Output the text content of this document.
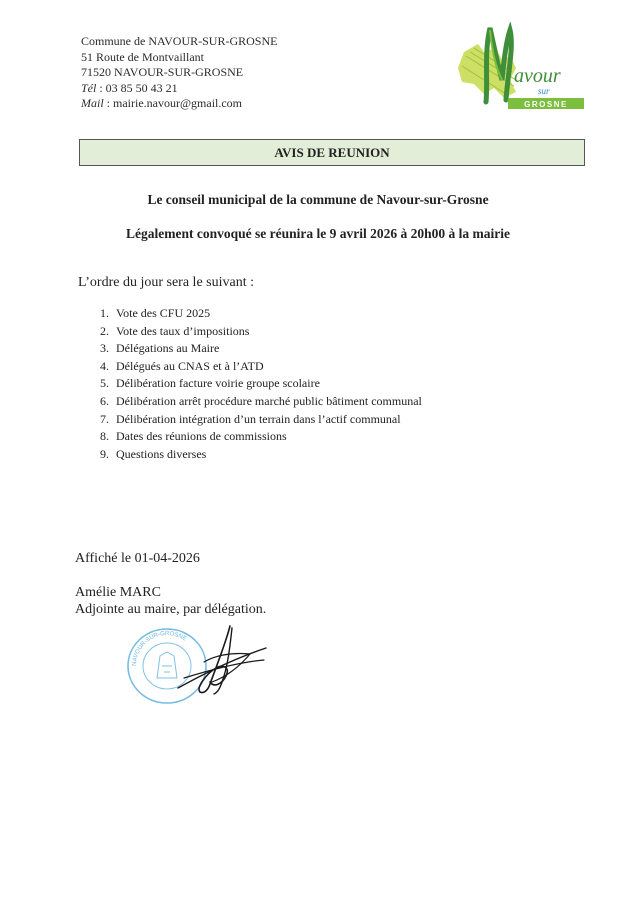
Commune de NAVOUR-SUR-GROSNE
51 Route de Montvaillant
71520 NAVOUR-SUR-GROSNE
Tél : 03 85 50 43 21
Mail : mairie.navour@gmail.com
avour
sur
GROSNE
AVIS DE REUNION
Le conseil municipal de la commune de Navour-sur-Grosne
Légalement convoqué se réunira le 9 avril 2026 à 20h00 à la mairie
L’ordre du jour sera le suivant :
1. Vote des CFU 2025
2. Vote des taux d’impositions
3. Délégations au Maire
4. Délégués au CNAS et à l’ATD
5. Délibération facture voirie groupe scolaire
6. Délibération arrêt procédure marché public bâtiment communal
7. Délibération intégration d’un terrain dans l’actif communal
8. Dates des réunions de commissions
9. Questions diverses
Affiché le 01-04-2026
Amélie MARC
Adjointe au maire, par délégation.
NAVOUR-SUR-GROSNE
